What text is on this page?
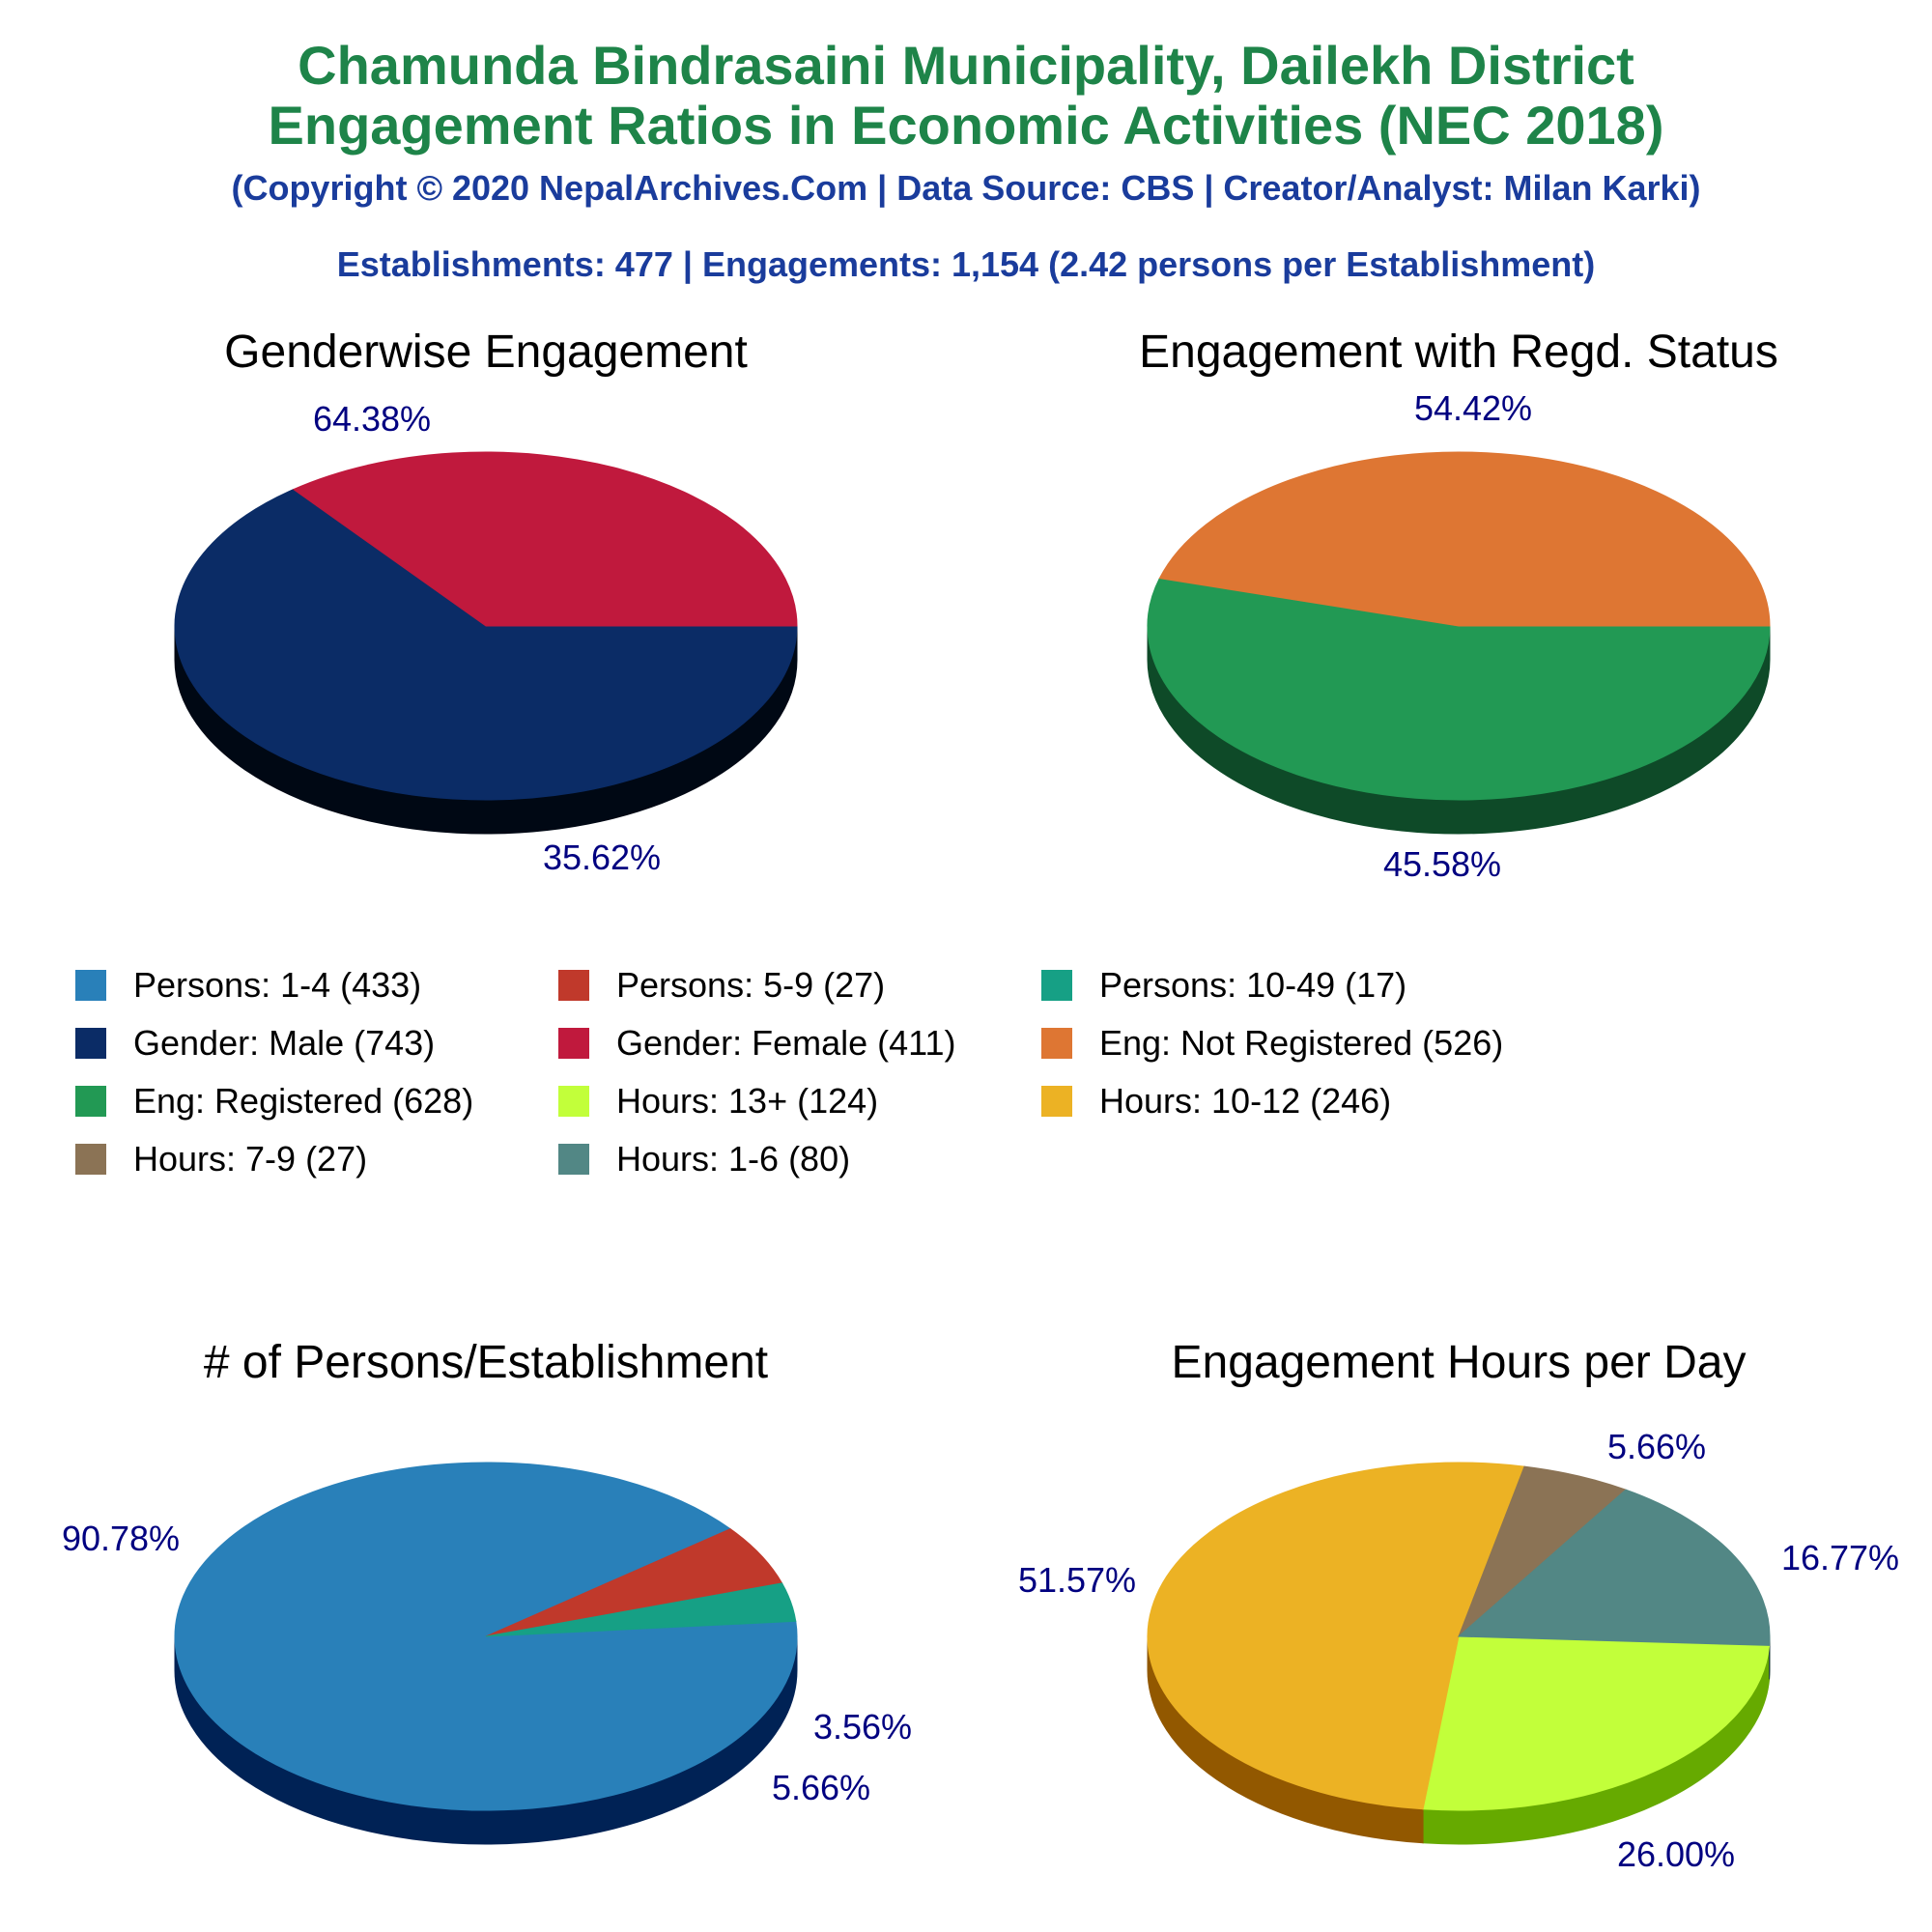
Chamunda Bindrasaini Municipality, Dailekh District
Engagement Ratios in Economic Activities (NEC 2018)
(Copyright © 2020 NepalArchives.Com | Data Source: CBS | Creator/Analyst: Milan Karki)
Establishments: 477 | Engagements: 1,154 (2.42 persons per Establishment)
Genderwise Engagement
64.38%
35.62%
Engagement with Regd. Status
54.42%
45.58%
# of Persons/Establishment
90.78%
5.66%
3.56%
Engagement Hours per Day
26.00%
51.57%
5.66%
16.77%
Persons: 1-4 (433)	Persons: 5-9 (27)	Persons: 10-49 (17)
Gender: Male (743)	Gender: Female (411)	Eng: Not Registered (526)
Eng: Registered (628)	Hours: 13+ (124)	Hours: 10-12 (246)
Hours: 7-9 (27)	Hours: 1-6 (80)
